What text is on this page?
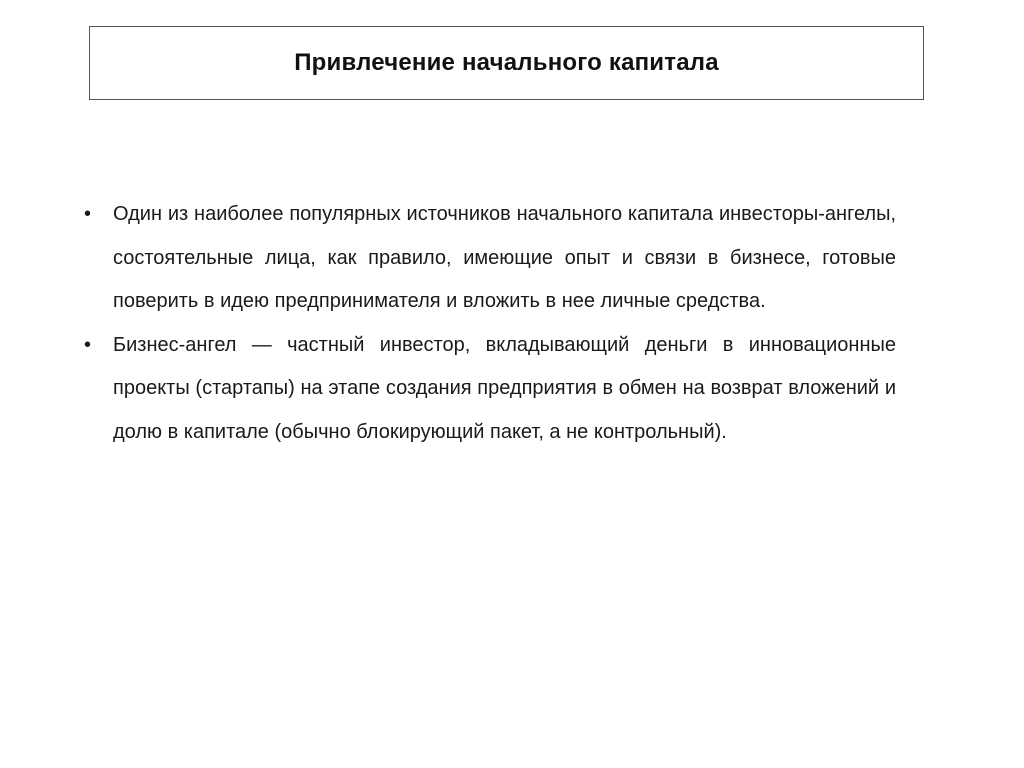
Привлечение начального капитала
•	Один из наиболее популярных источников начального капитала инвесторы-ангелы, состоятельные лица, как правило, имеющие опыт и связи в бизнесе, готовые поверить в идею предпринимателя и вложить в нее личные средства.
•	Бизнес-ангел — частный инвестор, вкладывающий деньги в инновационные проекты (стартапы) на этапе создания предприятия в обмен на возврат вложений и долю в капитале (обычно блокирующий пакет, а не контрольный).
